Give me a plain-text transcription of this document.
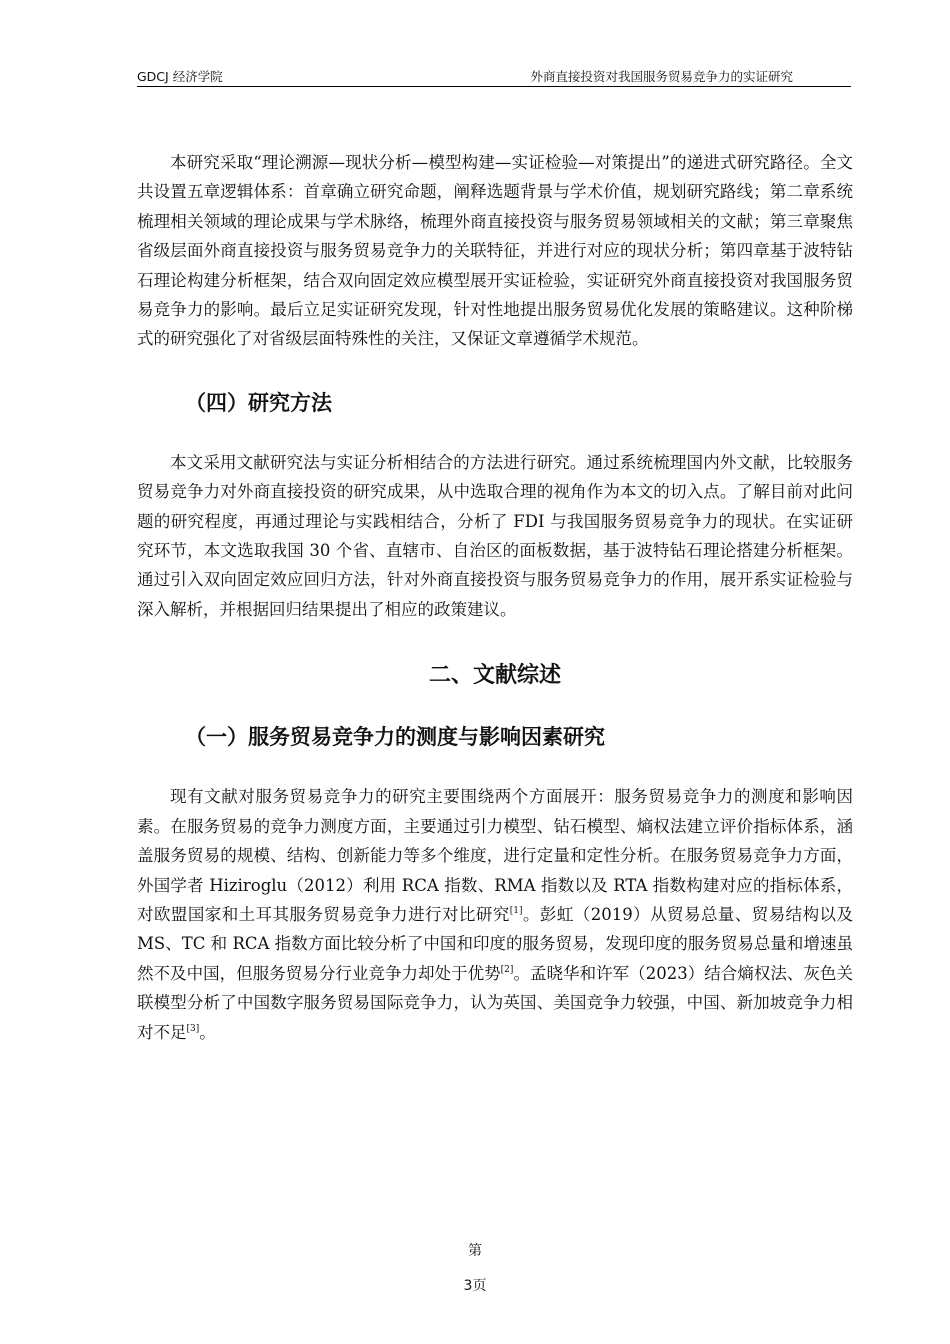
GDCJ 经济学院	外商直接投资对我国服务贸易竞争力的实证研究

本研究采取“理论溯源—现状分析—模型构建—实证检验—对策提出”的递进式研究路径。全文共设置五章逻辑体系：首章确立研究命题，阐释选题背景与学术价值，规划研究路线；第二章系统梳理相关领域的理论成果与学术脉络，梳理外商直接投资与服务贸易领域相关的文献；第三章聚焦省级层面外商直接投资与服务贸易竞争力的关联特征，并进行对应的现状分析；第四章基于波特钻石理论构建分析框架，结合双向固定效应模型展开实证检验，实证研究外商直接投资对我国服务贸易竞争力的影响。最后立足实证研究发现，针对性地提出服务贸易优化发展的策略建议。这种阶梯式的研究强化了对省级层面特殊性的关注，又保证文章遵循学术规范。

（四）研究方法

本文采用文献研究法与实证分析相结合的方法进行研究。通过系统梳理国内外文献，比较服务贸易竞争力对外商直接投资的研究成果，从中选取合理的视角作为本文的切入点。了解目前对此问题的研究程度，再通过理论与实践相结合，分析了 FDI 与我国服务贸易竞争力的现状。在实证研究环节，本文选取我国 30 个省、直辖市、自治区的面板数据，基于波特钻石理论搭建分析框架。通过引入双向固定效应回归方法，针对外商直接投资与服务贸易竞争力的作用，展开系实证检验与深入解析，并根据回归结果提出了相应的政策建议。

二、文献综述
（一）服务贸易竞争力的测度与影响因素研究

现有文献对服务贸易竞争力的研究主要围绕两个方面展开：服务贸易竞争力的测度和影响因素。在服务贸易的竞争力测度方面，主要通过引力模型、钻石模型、熵权法建立评价指标体系，涵盖服务贸易的规模、结构、创新能力等多个维度，进行定量和定性分析。在服务贸易竞争力方面，外国学者 Hiziroglu（2012）利用 RCA 指数、RMA 指数以及 RTA 指数构建对应的指标体系，对欧盟国家和土耳其服务贸易竞争力进行对比研究[1]。彭虹（2019）从贸易总量、贸易结构以及 MS、TC 和 RCA 指数方面比较分析了中国和印度的服务贸易，发现印度的服务贸易总量和增速虽然不及中国，但服务贸易分行业竞争力却处于优势[2]。孟晓华和许军（2023）结合熵权法、灰色关联模型分析了中国数字服务贸易国际竞争力，认为英国、美国竞争力较强，中国、新加坡竞争力相对不足[3]。

第
3页
